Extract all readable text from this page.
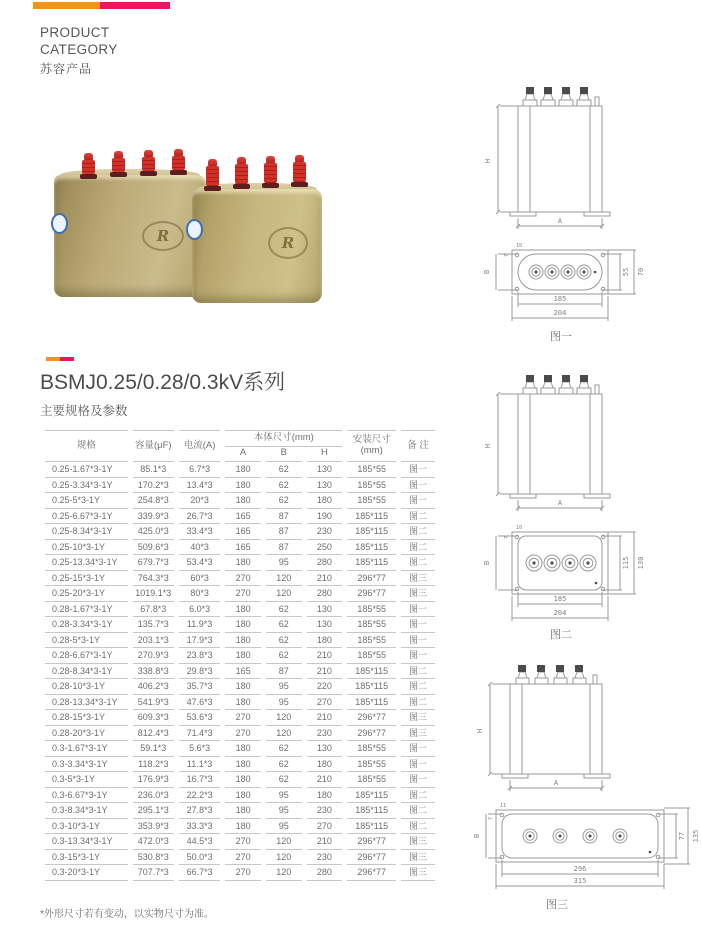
PRODUCT
CATEGORY
苏容产品
R	R
BSMJ0.25/0.28/0.3kV系列
主要规格及参数
规格	容量(μF)	电流(A)	本体尺寸(mm)			安装尺寸
(mm)	备 注
			A	B	H		
0.25-1.67*3-1Y	85.1*3	6.7*3	180	62	130	185*55	图一
0.25-3.34*3-1Y	170.2*3	13.4*3	180	62	130	185*55	图一
0.25-5*3-1Y	254.8*3	20*3	180	62	180	185*55	图一
0.25-6.67*3-1Y	339.9*3	26.7*3	165	87	190	185*115	图二
0.25-8.34*3-1Y	425.0*3	33.4*3	165	87	230	185*115	图二
0.25-10*3-1Y	509.6*3	40*3	165	87	250	185*115	图二
0.25-13.34*3-1Y	679.7*3	53.4*3	180	95	280	185*115	图二
0.25-15*3-1Y	764.3*3	60*3	270	120	210	296*77	图三
0.25-20*3-1Y	1019.1*3	80*3	270	120	280	296*77	图三
0.28-1.67*3-1Y	67.8*3	6.0*3	180	62	130	185*55	图一
0.28-3.34*3-1Y	135.7*3	11.9*3	180	62	130	185*55	图一
0.28-5*3-1Y	203.1*3	17.9*3	180	62	180	185*55	图一
0.28-6.67*3-1Y	270.9*3	23.8*3	180	62	210	185*55	图一
0.28-8.34*3-1Y	338.8*3	29.8*3	165	87	210	185*115	图二
0.28-10*3-1Y	406.2*3	35.7*3	180	95	220	185*115	图二
0.28-13.34*3-1Y	541.9*3	47.6*3	180	95	270	185*115	图二
0.28-15*3-1Y	609.3*3	53.6*3	270	120	210	296*77	图三
0.28-20*3-1Y	812.4*3	71.4*3	270	120	230	296*77	图三
0.3-1.67*3-1Y	59.1*3	5.6*3	180	62	130	185*55	图一
0.3-3.34*3-1Y	118.2*3	11.1*3	180	62	180	185*55	图一
0.3-5*3-1Y	176.9*3	16.7*3	180	62	210	185*55	图一
0.3-6.67*3-1Y	236.0*3	22.2*3	180	95	180	185*115	图二
0.3-8.34*3-1Y	295.1*3	27.8*3	180	95	230	185*115	图二
0.3-10*3-1Y	353.9*3	33.3*3	180	95	270	185*115	图二
0.3-13.34*3-1Y	472.0*3	44.5*3	270	120	210	296*77	图三
0.3-15*3-1Y	530.8*3	50.0*3	270	120	230	296*77	图三
0.3-20*3-1Y	707.7*3	66.7*3	270	120	280	296*77	图三
*外形尺寸若有变动，以实物尺寸为准。
H
A
B
10
7
55 70
185
204
图一
H
A
B
10
7
115 130
185
204
图二
H
A
B
11
7
77 135
296
315
图三
